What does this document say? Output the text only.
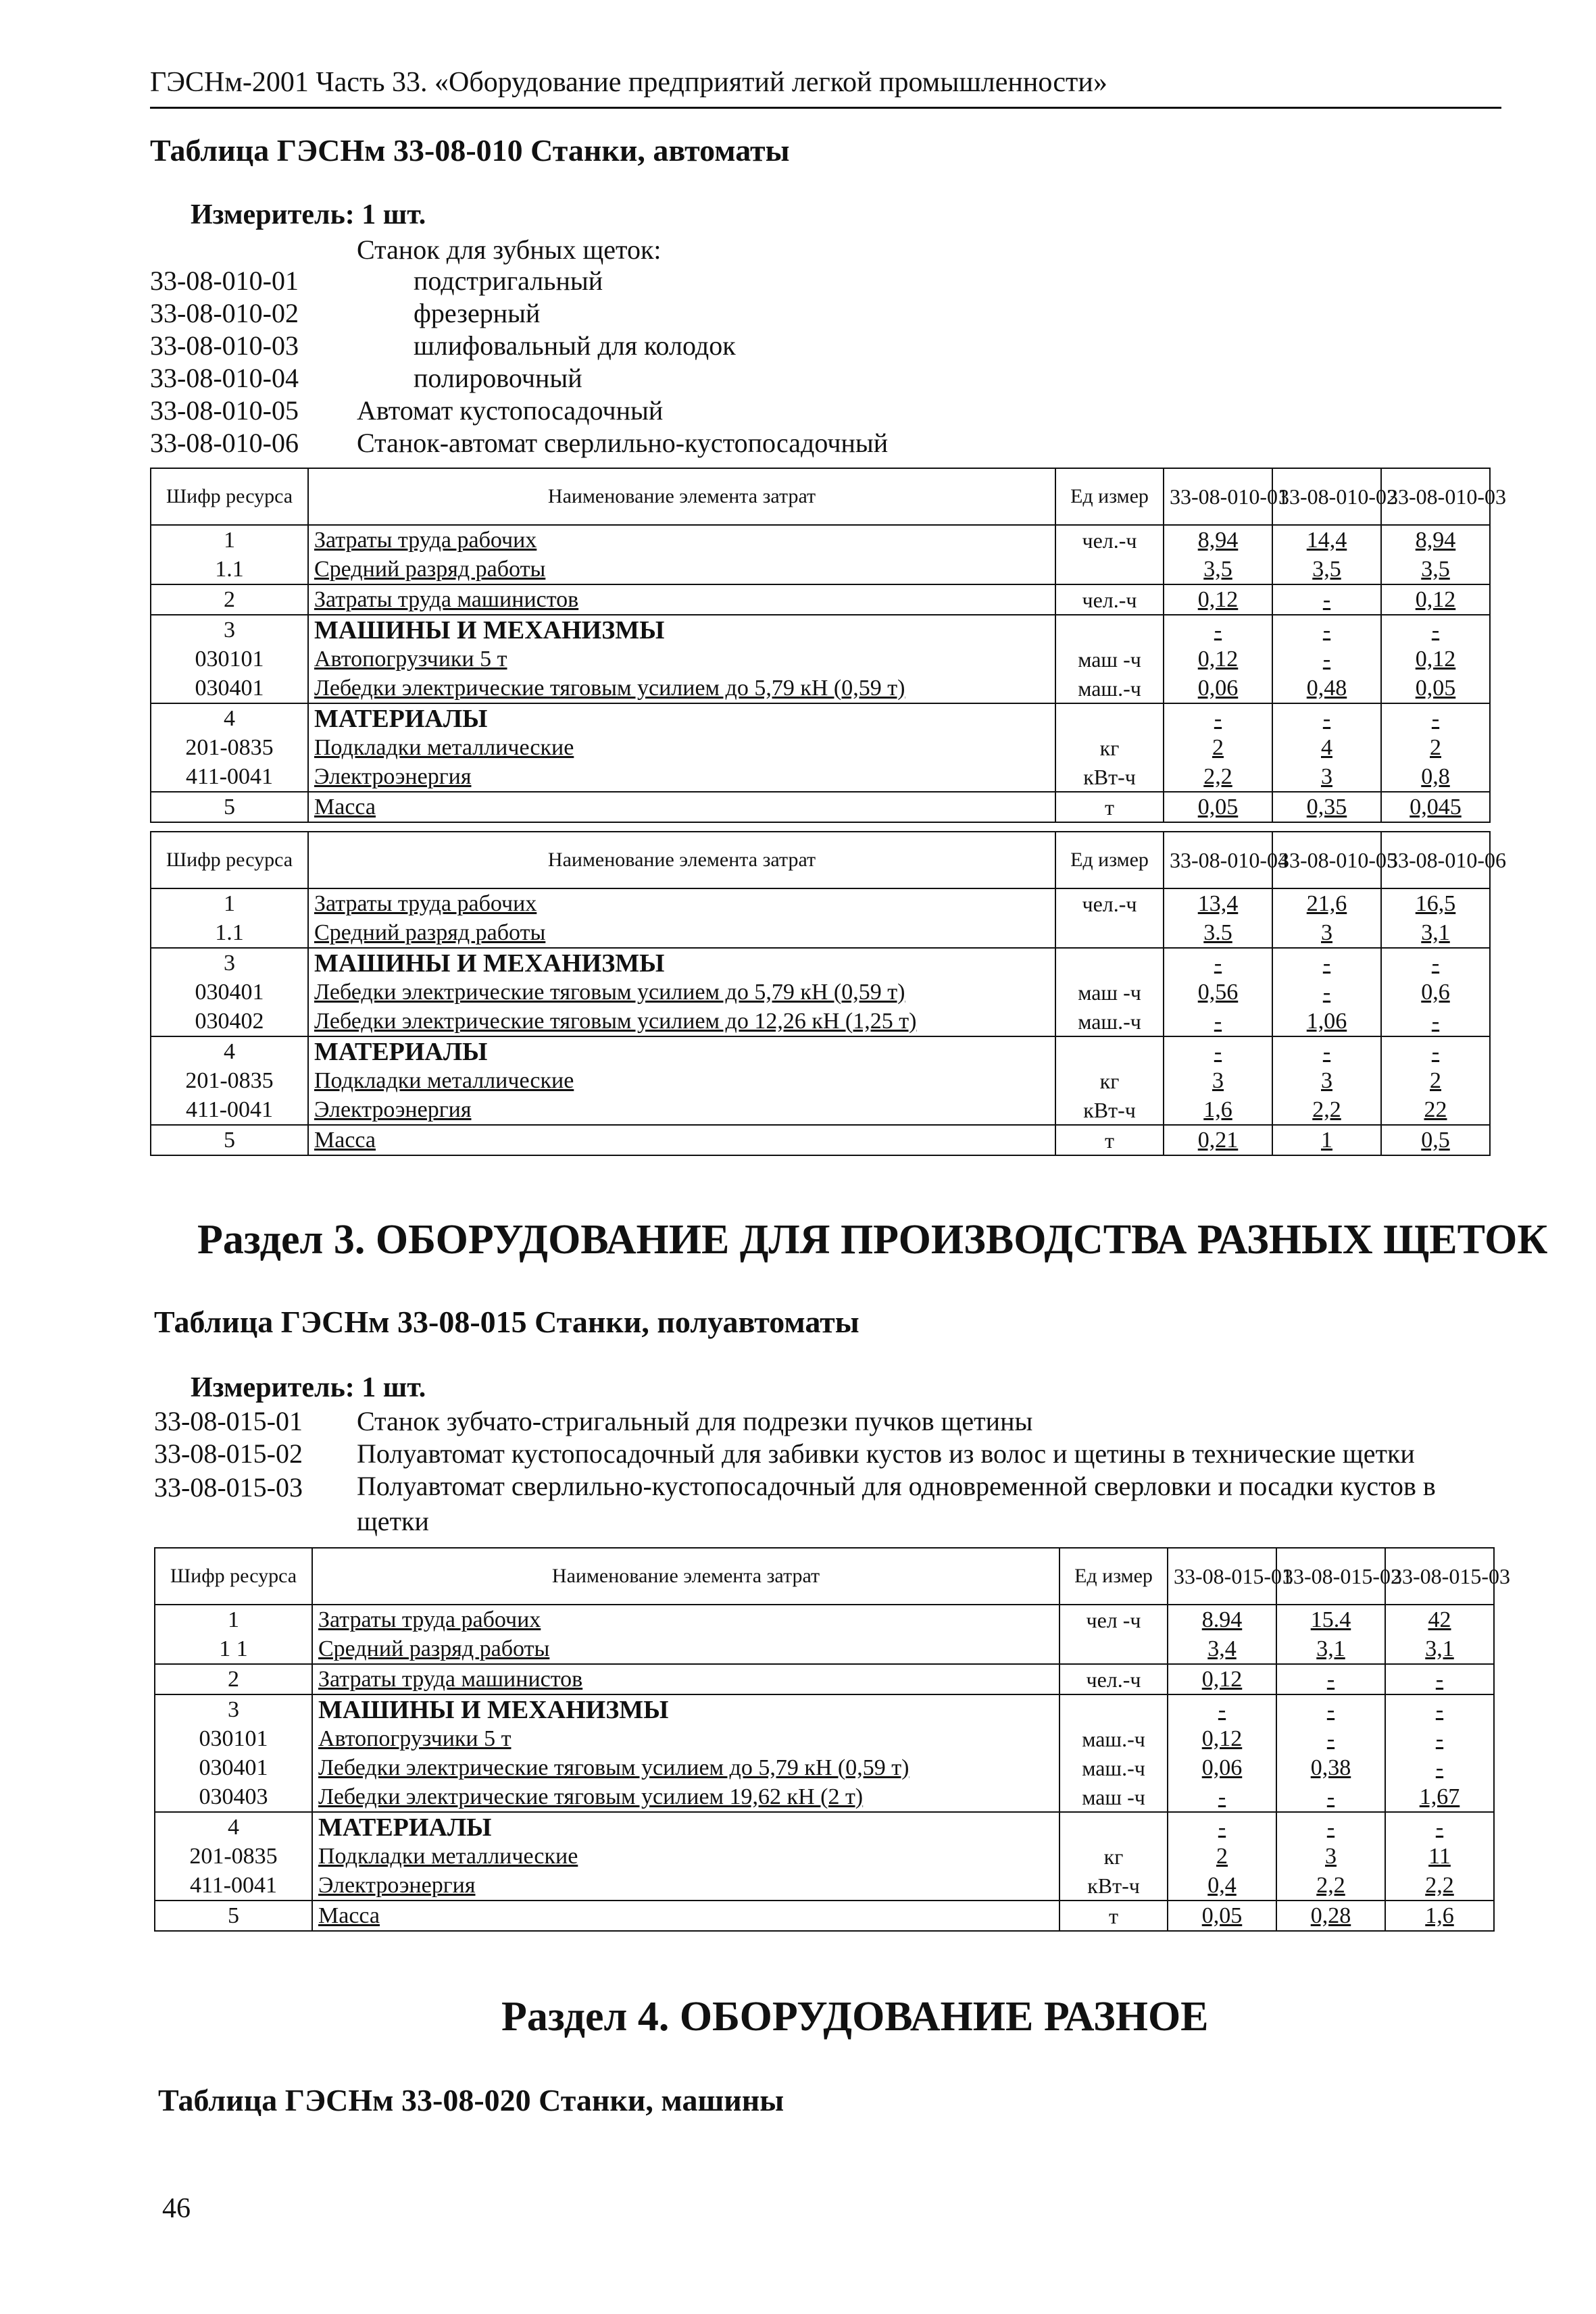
ГЭСНм-2001 Часть 33. «Оборудование предприятий легкой промышленности»
Таблица ГЭСНм 33-08-010 Станки, автоматы
Измеритель: 1 шт.
Станок для зубных щеток:
33-08-010-01	подстригальный
33-08-010-02	фрезерный
33-08-010-03	шлифовальный для колодок
33-08-010-04	полировочный
33-08-010-05 Автомат кустопосадочный
33-08-010-06 Станок-автомат сверлильно-кустопосадочный
Шифр ресурса	Наименование элемента затрат	Ед измер	33-08-010-01	33-08-010-02	33-08-010-03
1	Затраты труда рабочих	чел.-ч	8,94	14,4	8,94
1.1	Средний разряд работы		3,5	3,5	3,5
2	Затраты труда машинистов	чел.-ч	0,12	-	0,12
3	МАШИНЫ И МЕХАНИЗМЫ		-	-	-
030101	Автопогрузчики 5 т	маш -ч	0,12	-	0,12
030401	Лебедки электрические тяговым усилием до 5,79 кН (0,59 т)	маш.-ч	0,06	0,48	0,05
4	МАТЕРИАЛЫ		-	-	-
201-0835	Подкладки металлические	кг	2	4	2
411-0041	Электроэнергия	кВт-ч	2,2	3	0,8
5	Масса	т	0,05	0,35	0,045
Шифр ресурса	Наименование элемента затрат	Ед измер	33-08-010-04	33-08-010-05	33-08-010-06
1	Затраты труда рабочих	чел.-ч	13,4	21,6	16,5
1.1	Средний разряд работы		3.5	3	3,1
3	МАШИНЫ И МЕХАНИЗМЫ		-	-	-
030401	Лебедки электрические тяговым усилием до 5,79 кН (0,59 т)	маш -ч	0,56	-	0,6
030402	Лебедки электрические тяговым усилием до 12,26 кН (1,25 т)	маш.-ч	-	1,06	-
4	МАТЕРИАЛЫ		-	-	-
201-0835	Подкладки металлические	кг	3	3	2
411-0041	Электроэнергия	кВт-ч	1,6	2,2	22
5	Масса	т	0,21	1	0,5
Раздел 3. ОБОРУДОВАНИЕ ДЛЯ ПРОИЗВОДСТВА РАЗНЫХ ЩЕТОК
Таблица ГЭСНм 33-08-015 Станки, полуавтоматы
Измеритель: 1 шт.
33-08-015-01 Станок зубчато-стригальный для подрезки пучков щетины
33-08-015-02 Полуавтомат кустопосадочный для забивки кустов из волос и щетины в технические щетки
33-08-015-03 Полуавтомат сверлильно-кустопосадочный для одновременной сверловки и посадки кустов в щетки
Шифр ресурса	Наименование элемента затрат	Ед измер	33-08-015-01	33-08-015-02	33-08-015-03
1	Затраты труда рабочих	чел -ч	8.94	15.4	42
1 1	Средний разряд работы		3,4	3,1	3,1
2	Затраты труда машинистов	чел.-ч	0,12	-	-
3	МАШИНЫ И МЕХАНИЗМЫ		-	-	-
030101	Автопогрузчики 5 т	маш.-ч	0,12	-	-
030401	Лебедки электрические тяговым усилием до 5,79 кН (0,59 т)	маш.-ч	0,06	0,38	-
030403	Лебедки электрические тяговым усилием 19,62 кН (2 т)	маш -ч	-	-	1,67
4	МАТЕРИАЛЫ		-	-	-
201-0835	Подкладки металлические	кг	2	3	11
411-0041	Электроэнергия	кВт-ч	0,4	2,2	2,2
5	Масса	т	0,05	0,28	1,6
Раздел 4. ОБОРУДОВАНИЕ РАЗНОЕ
Таблица ГЭСНм 33-08-020 Станки, машины
46
